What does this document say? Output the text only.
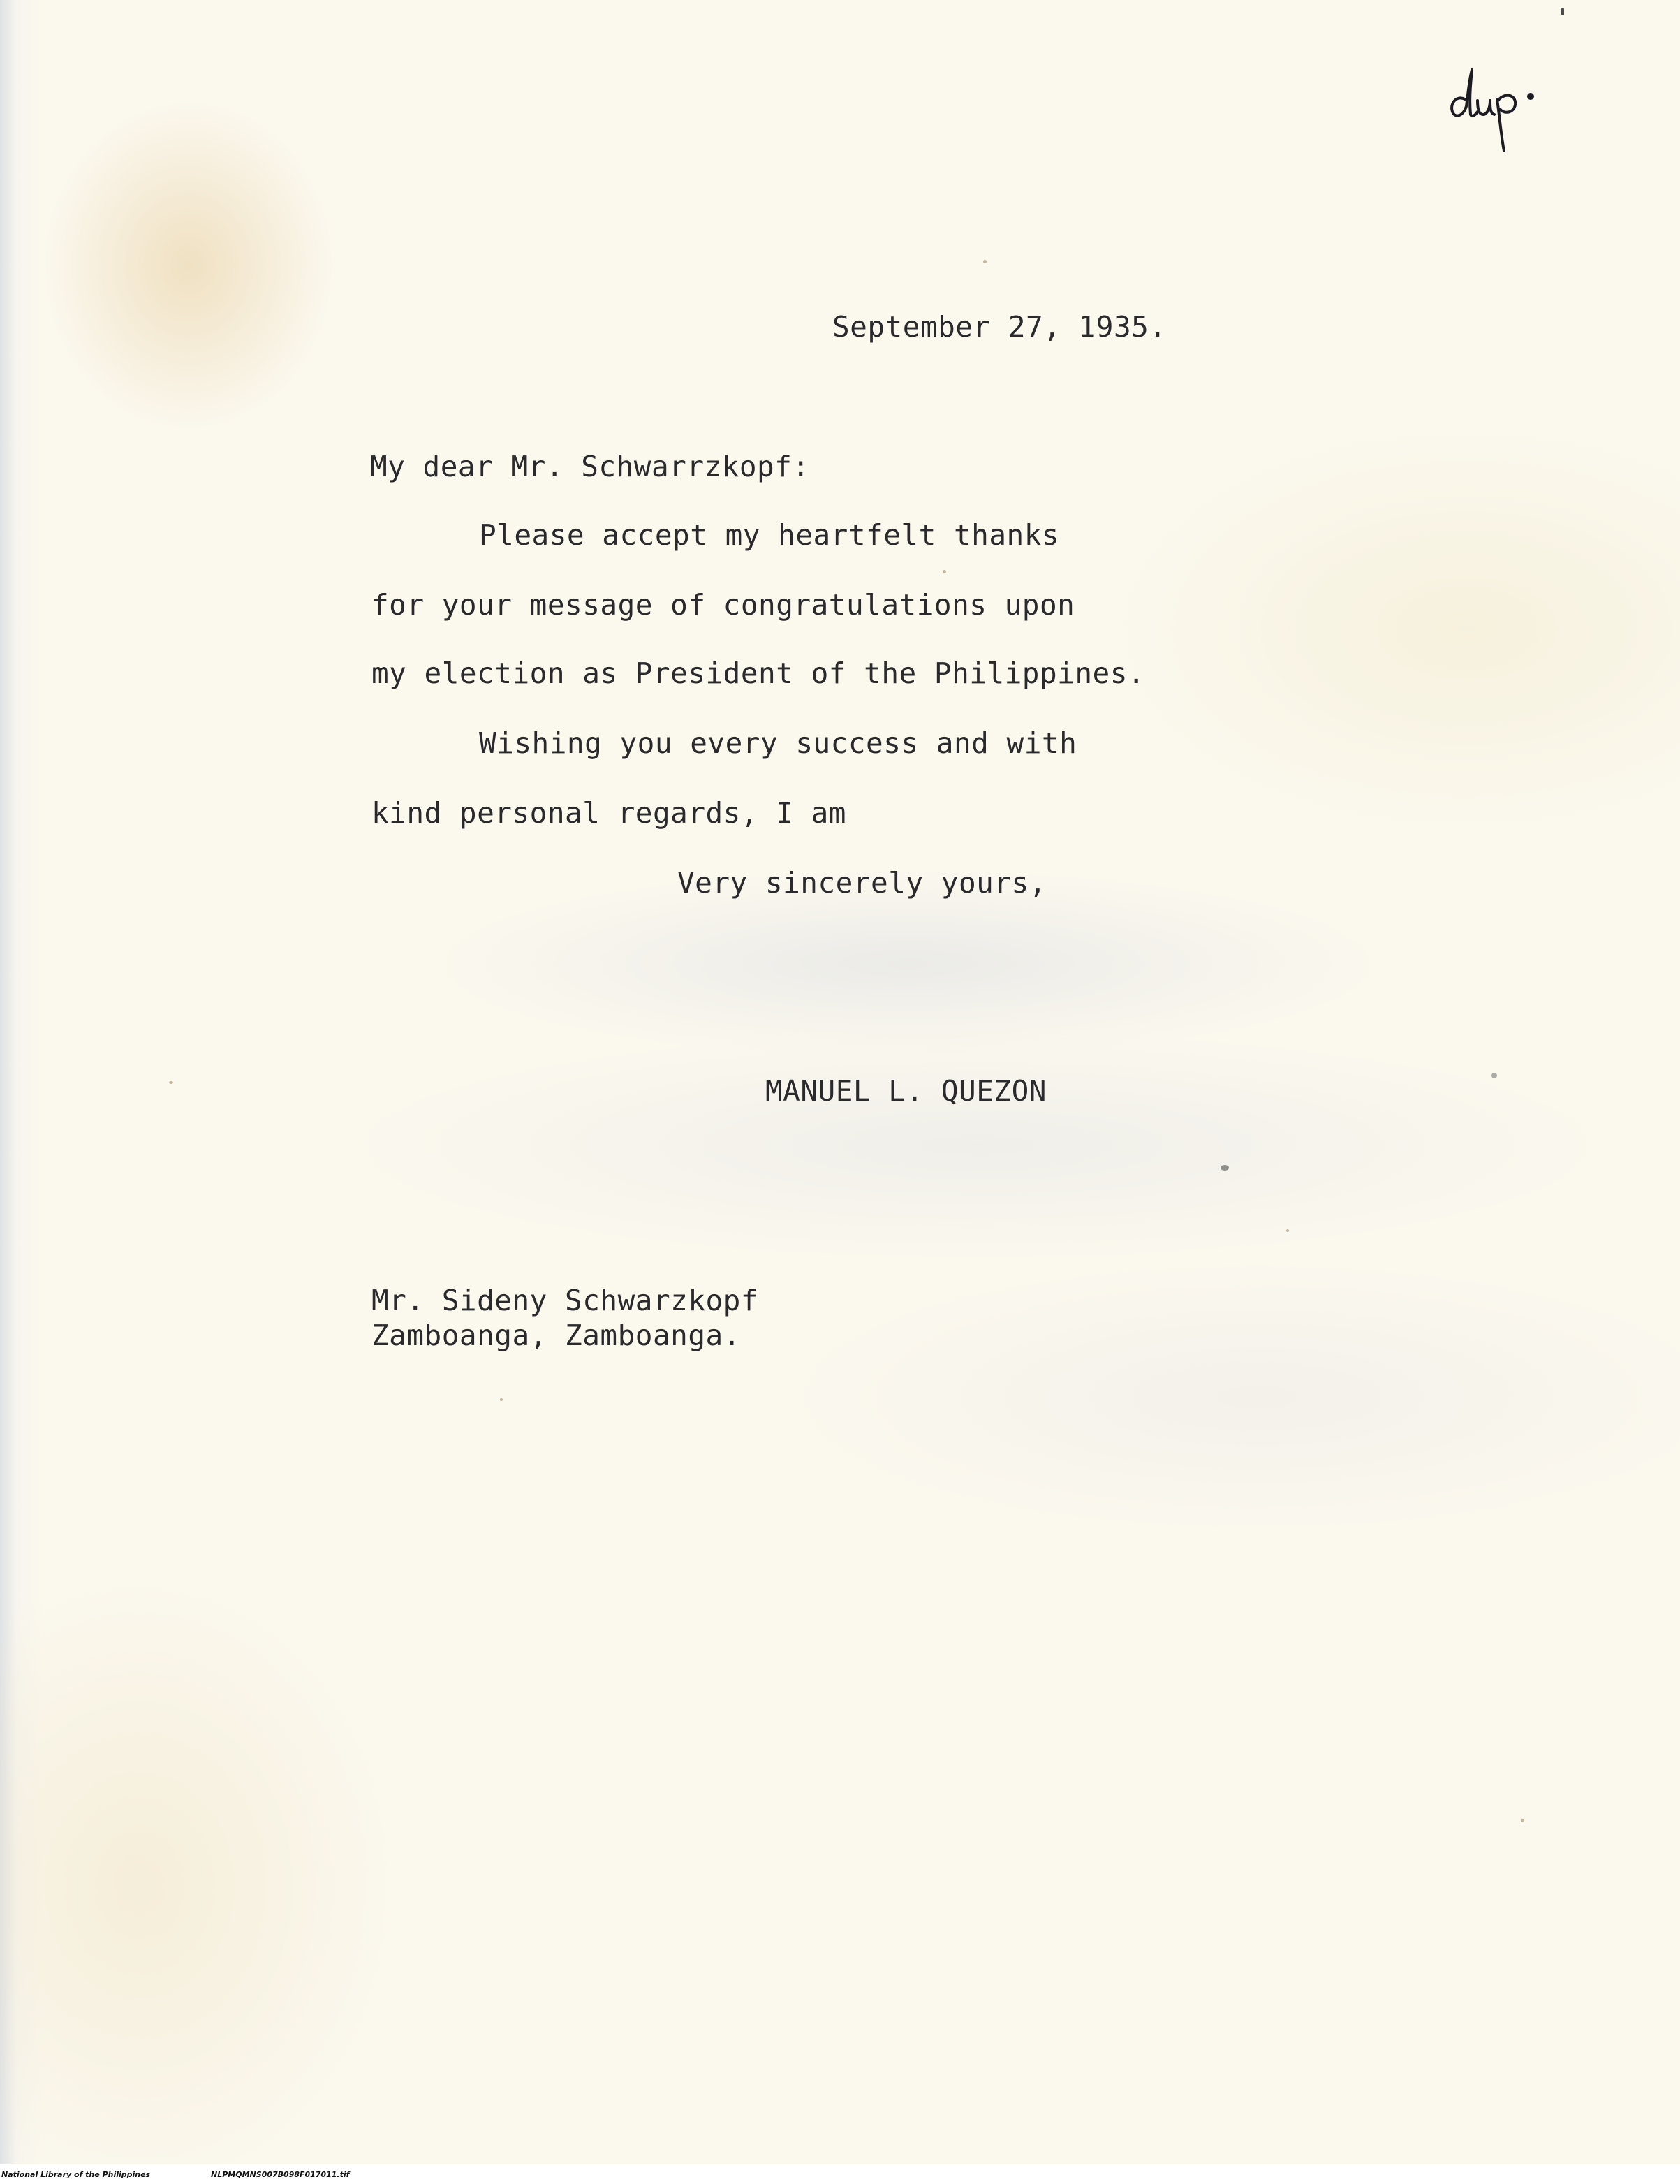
September 27, 1935.
My dear Mr. Schwarrzkopf:
Please accept my heartfelt thanks
for your message of congratulations upon
my election as President of the Philippines.
Wishing you every success and with
kind personal regards, I am
Very sincerely yours,
MANUEL L. QUEZON
Mr. Sideny Schwarzkopf
Zamboanga, Zamboanga.
National Library of the Philippines	NLPMQMNS007B098F017011.tif
